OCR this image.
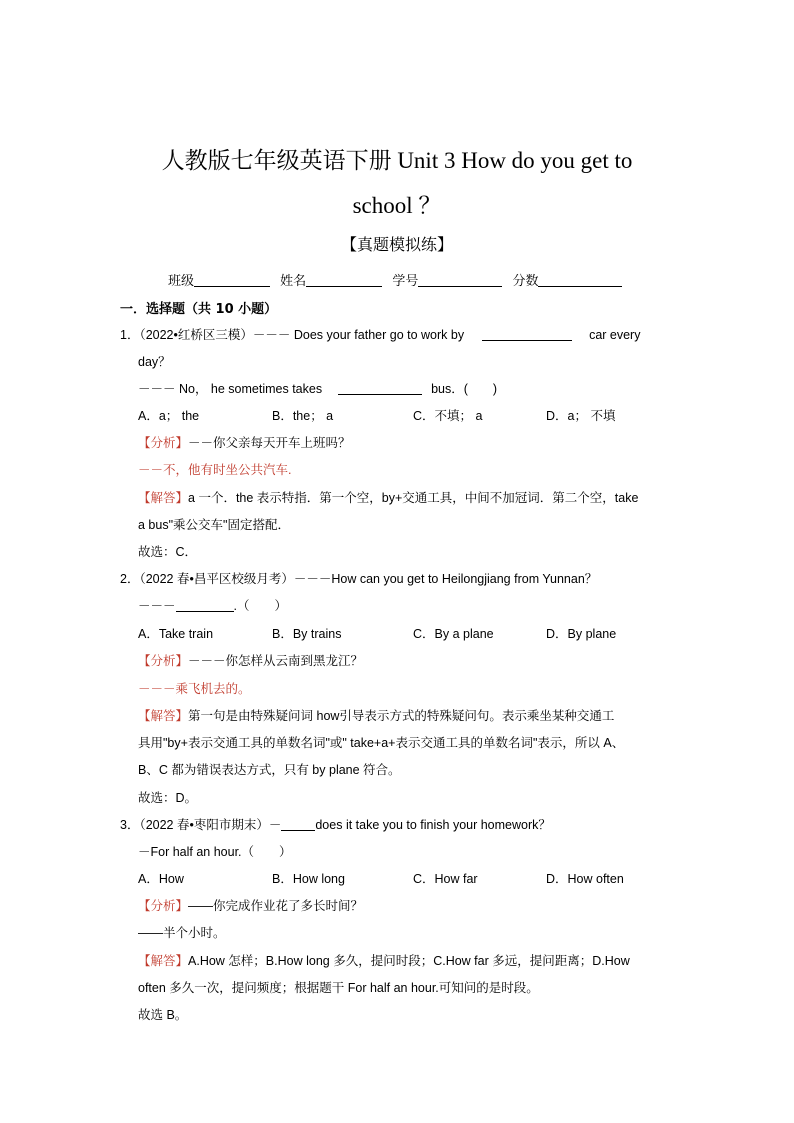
人教版七年级英语下册 Unit 3 How do you get to
school ？
【真题模拟练】
班级	姓名	学号	分数
一．选择题（共 10 小题）
1．（2022•红桥区三模）－－－ Does your father go to work by	car every
day？
－－－ No， he sometimes takes	bus．(　　)
A．a； the	B．the； a	C．不填； a	D．a； 不填
【分析】－－你父亲每天开车上班吗？
－－不，他有时坐公共汽车.
【解答】a 一个．the 表示特指．第一个空，by+交通工具，中间不加冠词．第二个空，take
a bus"乘公交车"固定搭配．
故选：C．
2．（2022 春•昌平区校级月考）－－－How can you get to Heilongjiang from Yunnan？
－－－	.（　　）
A．Take train	B．By trains	C．By a plane	D．By plane
【分析】－－－你怎样从云南到黑龙江？
－－－乘飞机去的。
【解答】第一句是由特殊疑问词 how引导表示方式的特殊疑问句。表示乘坐某种交通工
具用"by+表示交通工具的单数名词"或" take+a+表示交通工具的单数名词"表示，所以 A、
B、C 都为错误表达方式，只有 by plane 符合。
故选：D。
3．（2022 春•枣阳市期末）－	does it take you to finish your homework？
－For half an hour.（　　）
A．How	B．How long	C．How far	D．How often
【分析】——你完成作业花了多长时间？
——半个小时。
【解答】A.How 怎样；B.How long 多久，提问时段；C.How far 多远，提问距离；D.How
often 多久一次，提问频度；根据题干 For half an hour.可知问的是时段。
故选 B。
